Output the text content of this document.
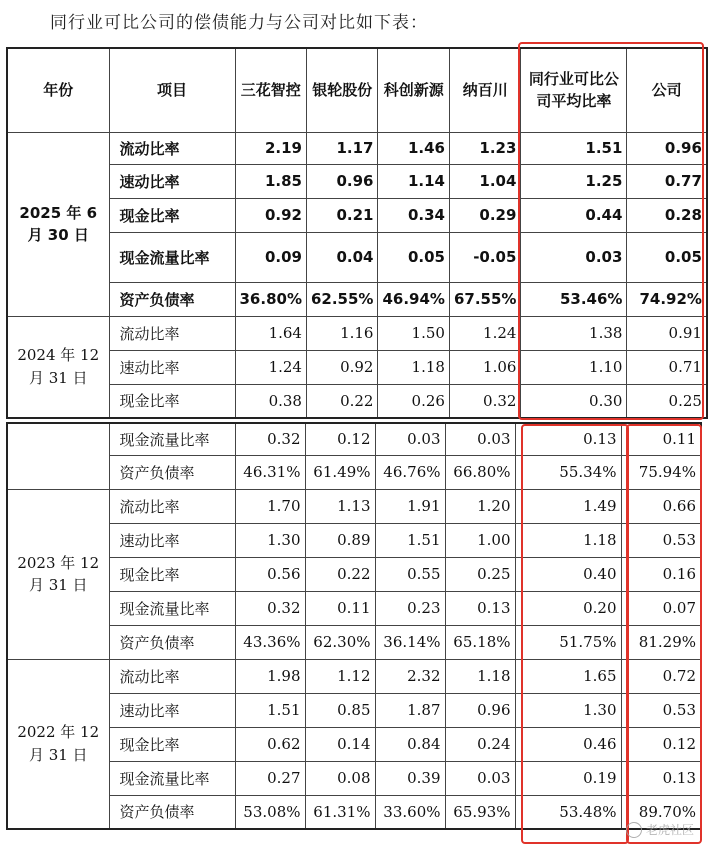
同行业可比公司的偿债能力与公司对比如下表：
年份	项目	三花智控	银轮股份	科创新源	纳百川	同行业可比公司平均比率	公司
2025 年 6 月 30 日	流动比率	2.19	1.17	1.46	1.23	1.51	0.96
	速动比率	1.85	0.96	1.14	1.04	1.25	0.77
	现金比率	0.92	0.21	0.34	0.29	0.44	0.28
	现金流量比率	0.09	0.04	0.05	-0.05	0.03	0.05
	资产负债率	36.80%	62.55%	46.94%	67.55%	53.46%	74.92%
2024 年 12 月 31 日	流动比率	1.64	1.16	1.50	1.24	1.38	0.91
	速动比率	1.24	0.92	1.18	1.06	1.10	0.71
	现金比率	0.38	0.22	0.26	0.32	0.30	0.25
	现金流量比率	0.32	0.12	0.03	0.03	0.13	0.11
	资产负债率	46.31%	61.49%	46.76%	66.80%	55.34%	75.94%
2023 年 12 月 31 日	流动比率	1.70	1.13	1.91	1.20	1.49	0.66
	速动比率	1.30	0.89	1.51	1.00	1.18	0.53
	现金比率	0.56	0.22	0.55	0.25	0.40	0.16
	现金流量比率	0.32	0.11	0.23	0.13	0.20	0.07
	资产负债率	43.36%	62.30%	36.14%	65.18%	51.75%	81.29%
2022 年 12 月 31 日	流动比率	1.98	1.12	2.32	1.18	1.65	0.72
	速动比率	1.51	0.85	1.87	0.96	1.30	0.53
	现金比率	0.62	0.14	0.84	0.24	0.46	0.12
	现金流量比率	0.27	0.08	0.39	0.03	0.19	0.13
	资产负债率	53.08%	61.31%	33.60%	65.93%	53.48%	89.70%
老虎社区
